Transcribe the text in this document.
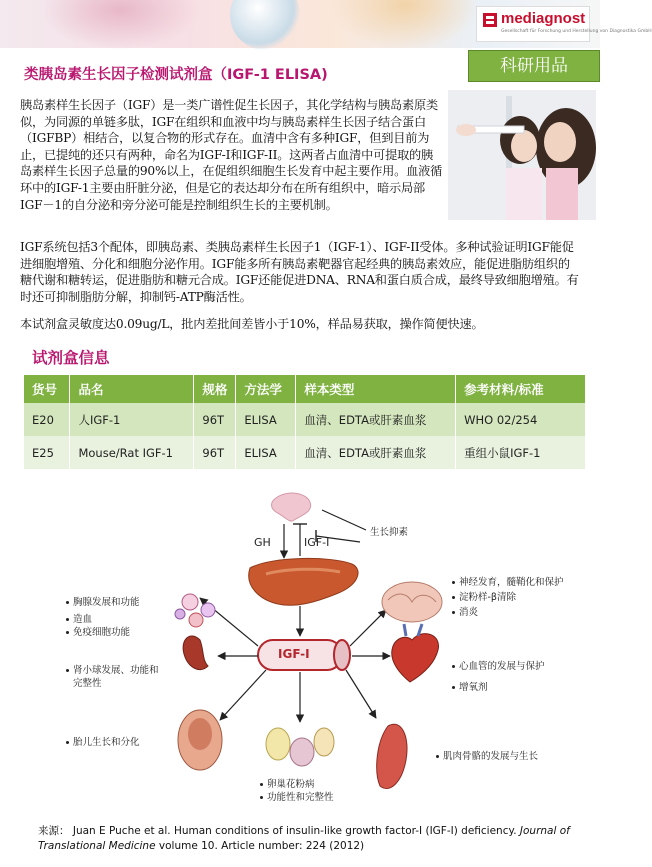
mediagnost
Gesellschaft für Forschung und Herstellung von Diagnostika GmbH
科研用品
类胰岛素生长因子检测试剂盒（IGF-1 ELISA)
胰岛素样生长因子（IGF）是一类广谱性促生长因子，其化学结构与胰岛素原类似，为同源的单链多肽，IGF在组织和血液中均与胰岛素样生长因子结合蛋白（IGFBP）相结合，以复合物的形式存在。血清中含有多种IGF，但到目前为止，已提纯的还只有两种，命名为IGF-I和IGF-II。这两者占血清中可提取的胰岛素样生长因子总量的90%以上，在促组织细胞生长发育中起主要作用。血液循环中的IGF-1主要由肝脏分泌，但是它的表达却分布在所有组织中，暗示局部IGF－1的自分泌和旁分泌可能是控制组织生长的主要机制。
IGF系统包括3个配体，即胰岛素、类胰岛素样生长因子1（IGF-1）、IGF-II受体。多种试验证明IGF能促进细胞增殖、分化和细胞分泌作用。IGF能多所有胰岛素靶器官起经典的胰岛素效应，能促进脂肪组织的糖代谢和糖转运，促进脂肪和糖元合成。IGF还能促进DNA、RNA和蛋白质合成，最终导致细胞增殖。有时还可抑制脂肪分解，抑制钙-ATP酶活性。
本试剂盒灵敏度达0.09ug/L，批内差批间差皆小于10%，样品易获取，操作简便快速。
试剂盒信息
货号	品名	规格	方法学	样本类型	参考材料/标准
E20	人IGF-1	96T	ELISA	血清、EDTA或肝素血浆	WHO 02/254
E25	Mouse/Rat IGF-1	96T	ELISA	血清、EDTA或肝素血浆	重组小鼠IGF-1
GH	IGF-I
生长抑素
IGF-I
胸腺发展和功能
造血
免疫细胞功能
肾小球发展、功能和
完整性
胎儿生长和分化
神经发育，髓鞘化和保护
淀粉样-β清除
消炎
心血管的发展与保护
增氧剂
肌肉骨骼的发展与生长
卵巢花粉病
功能性和完整性
来源： Juan E Puche et al. Human conditions of insulin-like growth factor-I (IGF-I) deficiency. Journal of Translational Medicine volume 10. Article number: 224 (2012)
